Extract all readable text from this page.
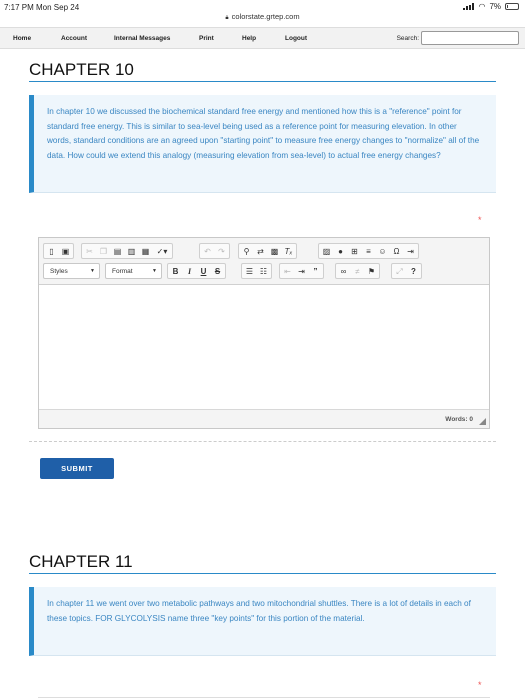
7:17 PM Mon Sep 24	◠ 7%
🔒︎ colorstate.grtep.com
Home	Account	Internal Messages	Print	Help	Logout	Search:
CHAPTER 10
In chapter 10 we discussed the biochemical standard free energy and mentioned how this is a "reference" point for standard free energy. This is similar to sea-level being used as a reference point for measuring elevation. In other words, standard conditions are an agreed upon "starting point" to measure free energy changes to "normalize" all of the data. How could we extend this analogy (measuring elevation from sea-level) to actual free energy changes?
*
▯	▣ ✂ ❐ ▤ ▥ ▦ ✓▾	↶ ↷	⚲ ⇄ ▩ Tₓ	▨ ●	⊞	≡ ☺ Ω ⇥
Styles	▼	Format	▼	B	I	U	S	☰ ☷ ⇤ ⇥	”	∞	≠	⚑	⤢	?
Words: 0
SUBMIT
CHAPTER 11
In chapter 11 we went over two metabolic pathways and two mitochondrial shuttles. There is a lot of details in each of these topics. FOR GLYCOLYSIS name three "key points" for this portion of the material.
*
